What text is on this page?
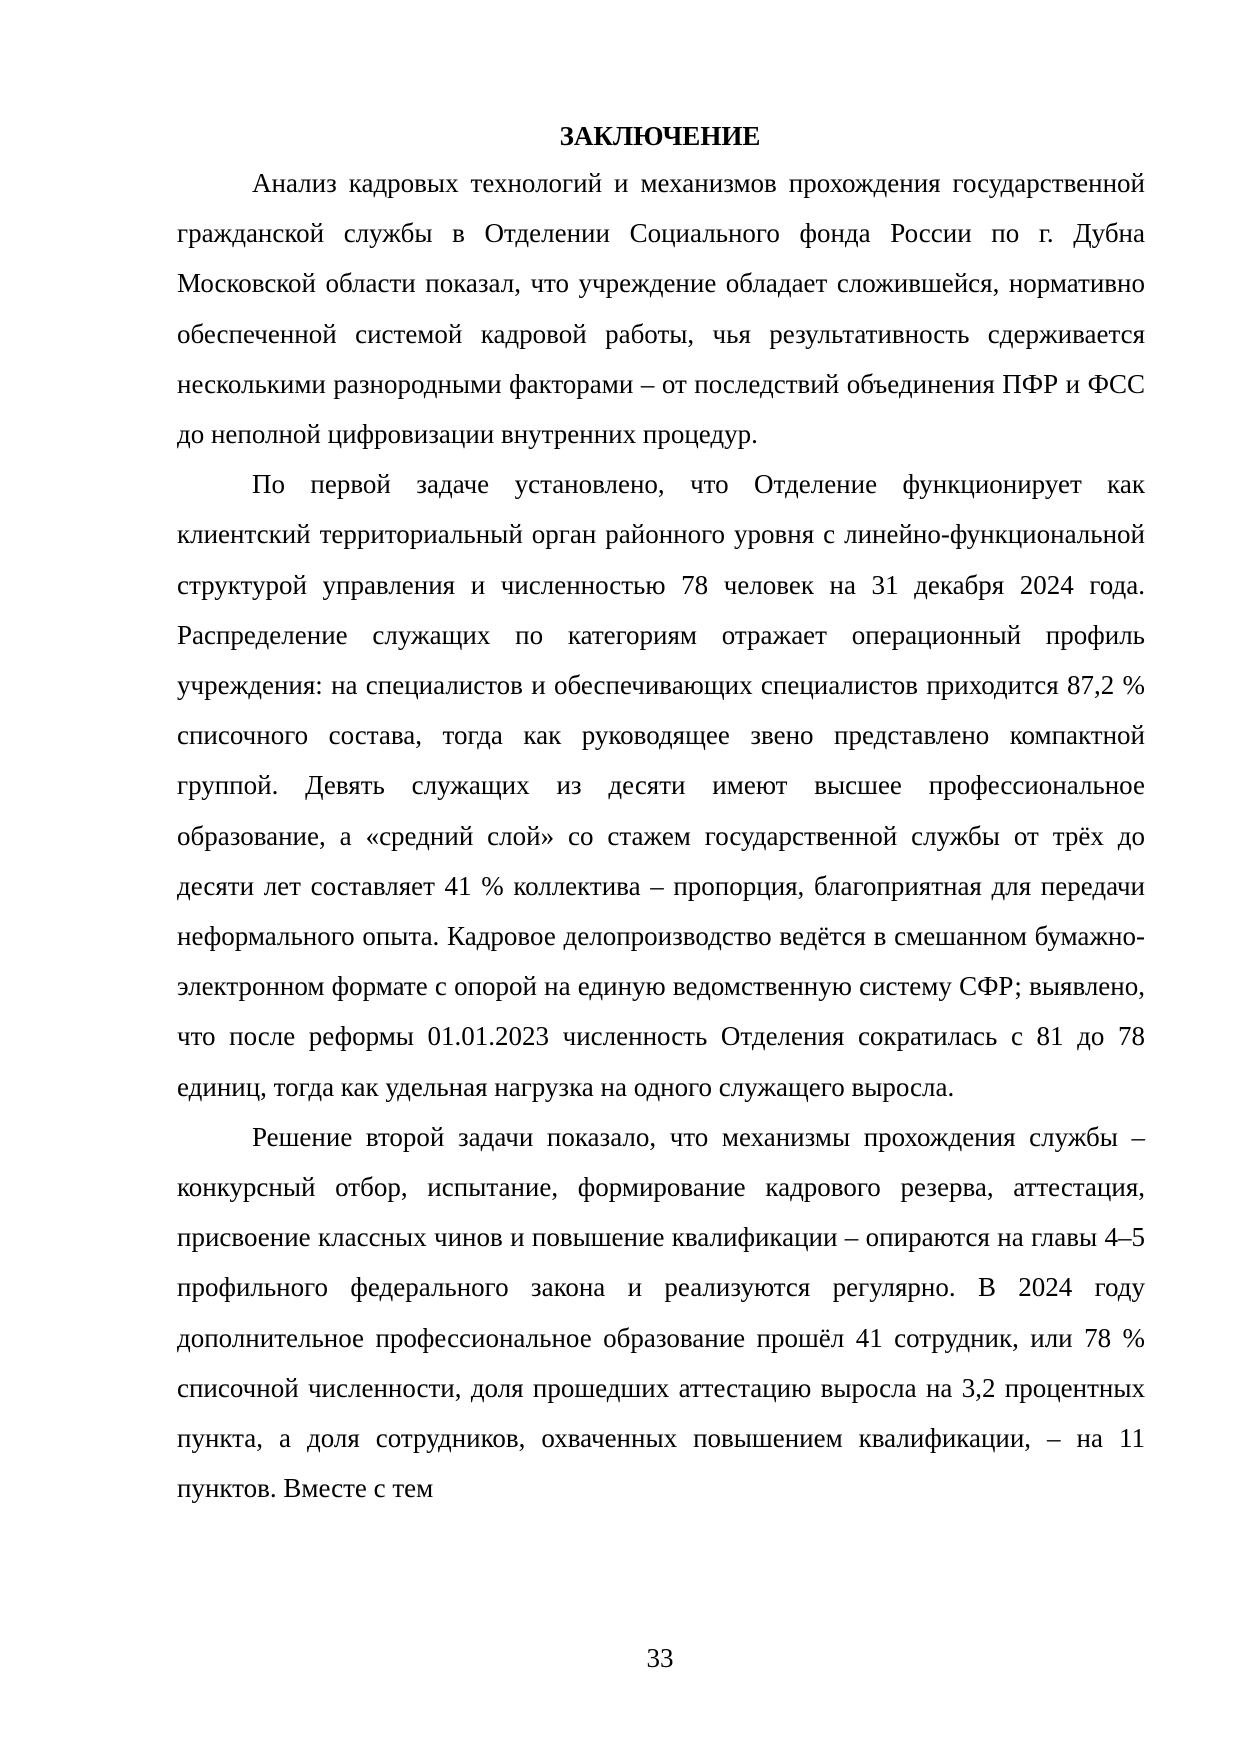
ЗАКЛЮЧЕНИЕ

Анализ кадровых технологий и механизмов прохождения государственной гражданской службы в Отделении Социального фонда России по г. Дубна Московской области показал, что учреждение обладает сложившейся, нормативно обеспеченной системой кадровой работы, чья результативность сдерживается несколькими разнородными факторами – от последствий объединения ПФР и ФСС до неполной цифровизации внутренних процедур.

По первой задаче установлено, что Отделение функционирует как клиентский территориальный орган районного уровня с линейно-функциональной структурой управления и численностью 78 человек на 31 декабря 2024 года. Распределение служащих по категориям отражает операционный профиль учреждения: на специалистов и обеспечивающих специалистов приходится 87,2 % списочного состава, тогда как руководящее звено представлено компактной группой. Девять служащих из десяти имеют высшее профессиональное образование, а «средний слой» со стажем государственной службы от трёх до десяти лет составляет 41 % коллектива – пропорция, благоприятная для передачи неформального опыта. Кадровое делопроизводство ведётся в смешанном бумажно-электронном формате с опорой на единую ведомственную систему СФР; выявлено, что после реформы 01.01.2023 численность Отделения сократилась с 81 до 78 единиц, тогда как удельная нагрузка на одного служащего выросла.

Решение второй задачи показало, что механизмы прохождения службы – конкурсный отбор, испытание, формирование кадрового резерва, аттестация, присвоение классных чинов и повышение квалификации – опираются на главы 4–5 профильного федерального закона и реализуются регулярно. В 2024 году дополнительное профессиональное образование прошёл 41 сотрудник, или 78 % списочной численности, доля прошедших аттестацию выросла на 3,2 процентных пункта, а доля сотрудников, охваченных повышением квалификации, – на 11 пунктов. Вместе с тем

33
